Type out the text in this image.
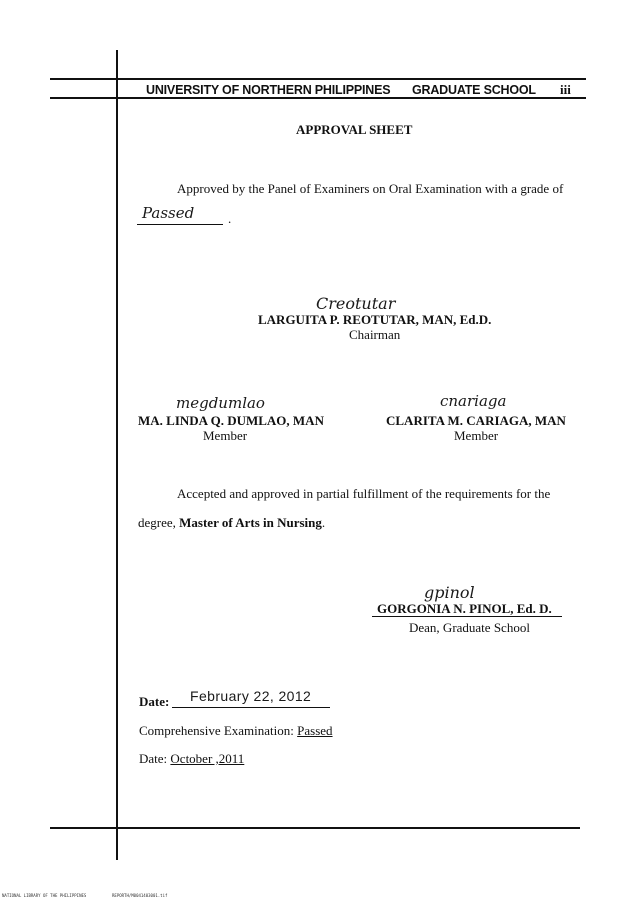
UNIVERSITY OF NORTHERN PHILIPPINES GRADUATE SCHOOL iii
APPROVAL SHEET
Approved by the Panel of Examiners on Oral Examination with a grade of
Passed	.
Creotutar
LARGUITA P. REOTUTAR, MAN, Ed.D.
Chairman
megdumlao
MA. LINDA Q. DUMLAO, MAN
Member
cnariaga
CLARITA M. CARIAGA, MAN
Member
Accepted and approved in partial fulfillment of the requirements for the
degree, Master of Arts in Nursing.
gpinol
GORGONIA N. PINOL, Ed. D.
Dean, Graduate School
Date: February 22, 2012
Comprehensive Examination: Passed
Date: October ,2011
NATIONAL LIBRARY OF THE PHILIPPINES	REPORTH/M0041403001.tif
